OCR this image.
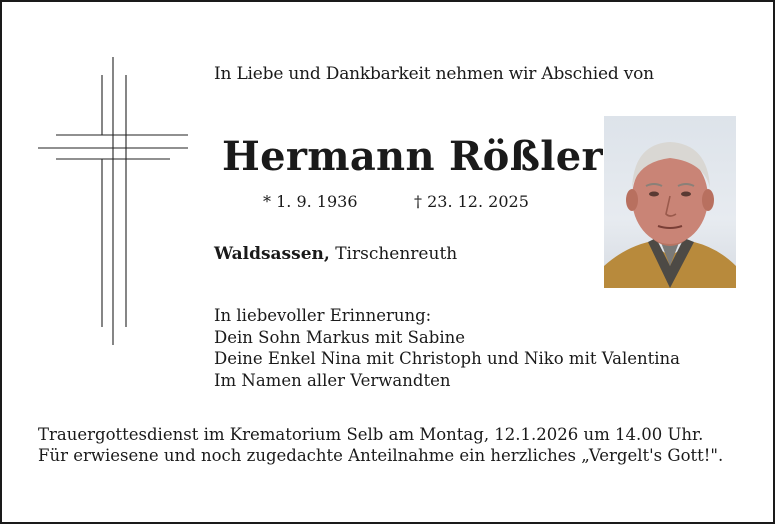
In Liebe und Dankbarkeit nehmen wir Abschied von
Hermann Rößler
* 1. 9. 1936	† 23. 12. 2025
Waldsassen, Tirschenreuth
In liebevoller Erinnerung:
Dein Sohn Markus mit Sabine
Deine Enkel Nina mit Christoph und Niko mit Valentina
Im Namen aller Verwandten
Trauergottesdienst im Krematorium Selb am Montag, 12.1.2026 um 14.00 Uhr.
Für erwiesene und noch zugedachte Anteilnahme ein herzliches „Vergelt's Gott!".
